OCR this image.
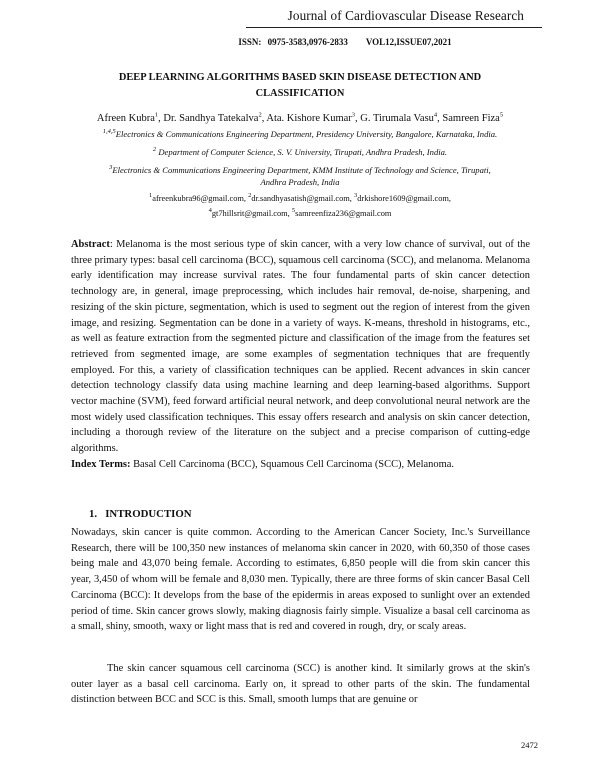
Journal of Cardiovascular Disease Research
ISSN: 0975-3583,0976-2833 VOL12,ISSUE07,2021
DEEP LEARNING ALGORITHMS BASED SKIN DISEASE DETECTION AND
CLASSIFICATION
Afreen Kubra$^1$, Dr. Sandhya Tatekalva$^2$, Ata. Kishore Kumar$^3$, G. Tirumala Vasu$^4$, Samreen Fiza$^5$
$^{1,4,5}$Electronics & Communications Engineering Department, Presidency University, Bangalore, Karnataka, India.
$^2$ Department of Computer Science, S. V. University, Tirupati, Andhra Pradesh, India.
$^3$Electronics & Communications Engineering Department, KMM Institute of Technology and Science, Tirupati,
Andhra Pradesh, India
$^1$afreenkubra96@gmail.com, $^2$dr.sandhyasatish@gmail.com, $^3$drkishore1609@gmail.com,
$^4$gt7hillsrit@gmail.com, $^5$samreenfiza236@gmail.com
Abstract: Melanoma is the most serious type of skin cancer, with a very low chance of survival, out of the three primary types: basal cell carcinoma (BCC), squamous cell carcinoma (SCC), and melanoma. Melanoma early identification may increase survival rates. The four fundamental parts of skin cancer detection technology are, in general, image preprocessing, which includes hair removal, de-noise, sharpening, and resizing of the skin picture, segmentation, which is used to segment out the region of interest from the given image, and resizing. Segmentation can be done in a variety of ways. K-means, threshold in histograms, etc., as well as feature extraction from the segmented picture and classification of the image from the features set retrieved from segmented image, are some examples of segmentation techniques that are frequently employed. For this, a variety of classification techniques can be applied. Recent advances in skin cancer detection technology classify data using machine learning and deep learning-based algorithms. Support vector machine (SVM), feed forward artificial neural network, and deep convolutional neural network are the most widely used classification techniques. This essay offers research and analysis on skin cancer detection, including a thorough review of the literature on the subject and a precise comparison of cutting-edge algorithms.
Index Terms: Basal Cell Carcinoma (BCC), Squamous Cell Carcinoma (SCC), Melanoma.
1.   INTRODUCTION
Nowadays, skin cancer is quite common. According to the American Cancer Society, Inc.'s Surveillance Research, there will be 100,350 new instances of melanoma skin cancer in 2020, with 60,350 of those cases being male and 43,070 being female. According to estimates, 6,850 people will die from skin cancer this year, 3,450 of whom will be female and 8,030 men. Typically, there are three forms of skin cancer Basal Cell Carcinoma (BCC): It develops from the base of the epidermis in areas exposed to sunlight over an extended period of time. Skin cancer grows slowly, making diagnosis fairly simple. Visualize a basal cell carcinoma as a small, shiny, smooth, waxy or light mass that is red and covered in rough, dry, or scaly areas.
The skin cancer squamous cell carcinoma (SCC) is another kind. It similarly grows at the skin's outer layer as a basal cell carcinoma. Early on, it spread to other parts of the skin. The fundamental distinction between BCC and SCC is this. Small, smooth lumps that are genuine or
2472
